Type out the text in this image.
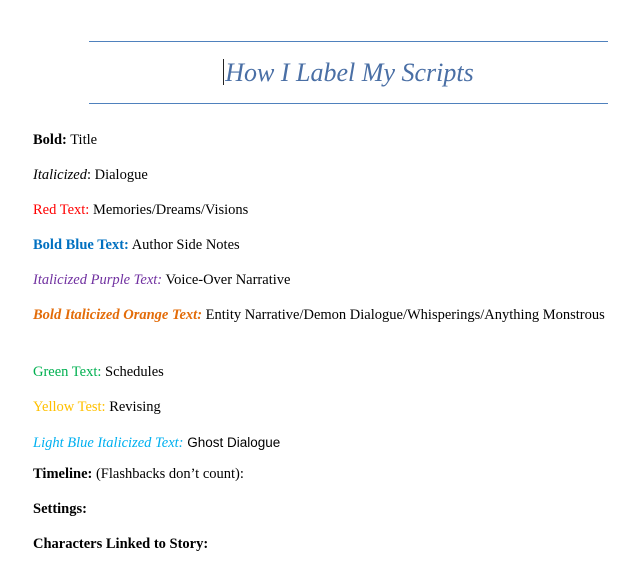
How I Label My Scripts
Bold: Title
Italicized: Dialogue
Red Text: Memories/Dreams/Visions
Bold Blue Text: Author Side Notes
Italicized Purple Text: Voice-Over Narrative
Bold Italicized Orange Text: Entity Narrative/Demon Dialogue/Whisperings/Anything Monstrous
Green Text: Schedules
Yellow Test: Revising
Light Blue Italicized Text: Ghost Dialogue
Timeline: (Flashbacks don’t count):
Settings:
Characters Linked to Story:
